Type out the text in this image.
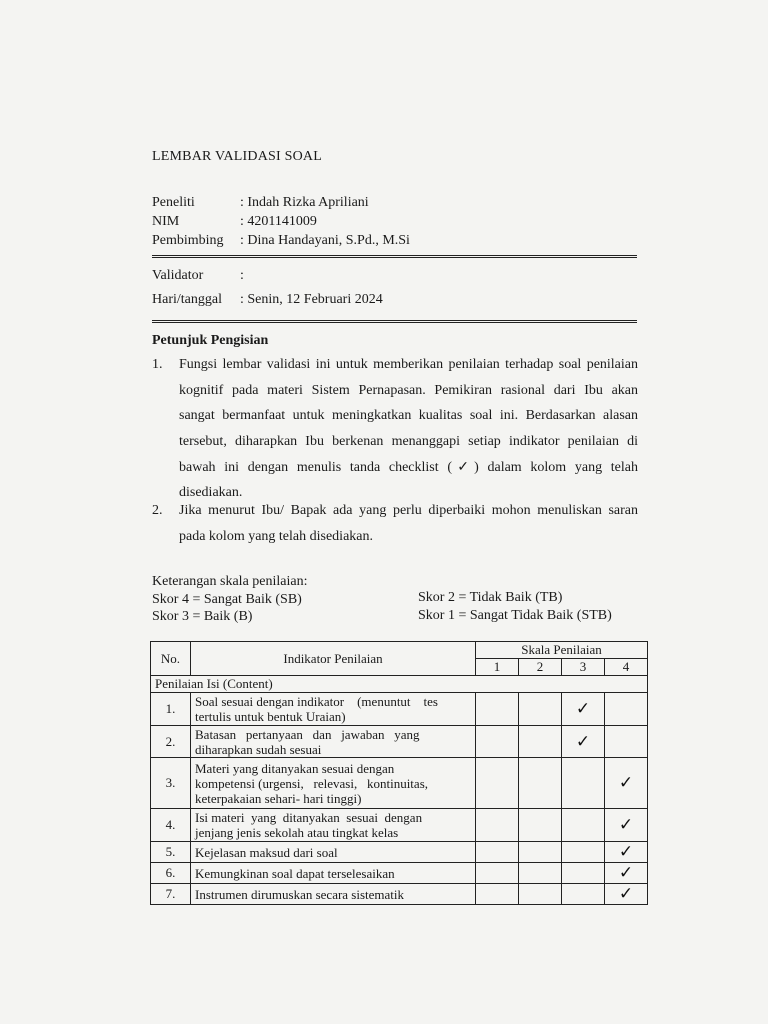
LEMBAR VALIDASI SOAL
Peneliti	: Indah Rizka Apriliani
NIM	: 4201141009
Pembimbing : Dina Handayani, S.Pd., M.Si
Validator	:
Hari/tanggal : Senin, 12 Februari 2024
Petunjuk Pengisian
1. Fungsi lembar validasi ini untuk memberikan penilaian terhadap soal penilaian
kognitif pada materi Sistem Pernapasan. Pemikiran rasional dari Ibu akan
sangat bermanfaat untuk meningkatkan kualitas soal ini. Berdasarkan alasan
tersebut, diharapkan Ibu berkenan menanggapi setiap indikator penilaian di
bawah ini dengan menulis tanda checklist (✓) dalam kolom yang telah
disediakan.
2. Jika menurut Ibu/ Bapak ada yang perlu diperbaiki mohon menuliskan saran
pada kolom yang telah disediakan.
Keterangan skala penilaian:
Skor 4 = Sangat Baik (SB)
Skor 3 = Baik (B)
Skor 2 = Tidak Baik (TB)
Skor 1 = Sangat Tidak Baik (STB)
No.	Indikator Penilaian	Skala Penilaian			
		1	2	3	4
Penilaian Isi (Content)					
1.	Soal sesuai dengan indikator    (menuntut    tes
tertulis untuk bentuk Uraian)			✓	
2.	Batasan   pertanyaan   dan   jawaban   yang
diharapkan sudah sesuai			✓	
3.	Materi yang ditanyakan sesuai dengan
kompetensi (urgensi,   relevasi,   kontinuitas,
keterpakaian sehari- hari tinggi)				✓
4.	Isi materi  yang  ditanyakan  sesuai  dengan
jenjang jenis sekolah atau tingkat kelas				✓
5.	Kejelasan maksud dari soal				✓
6.	Kemungkinan soal dapat terselesaikan				✓
7.	Instrumen dirumuskan secara sistematik				✓
